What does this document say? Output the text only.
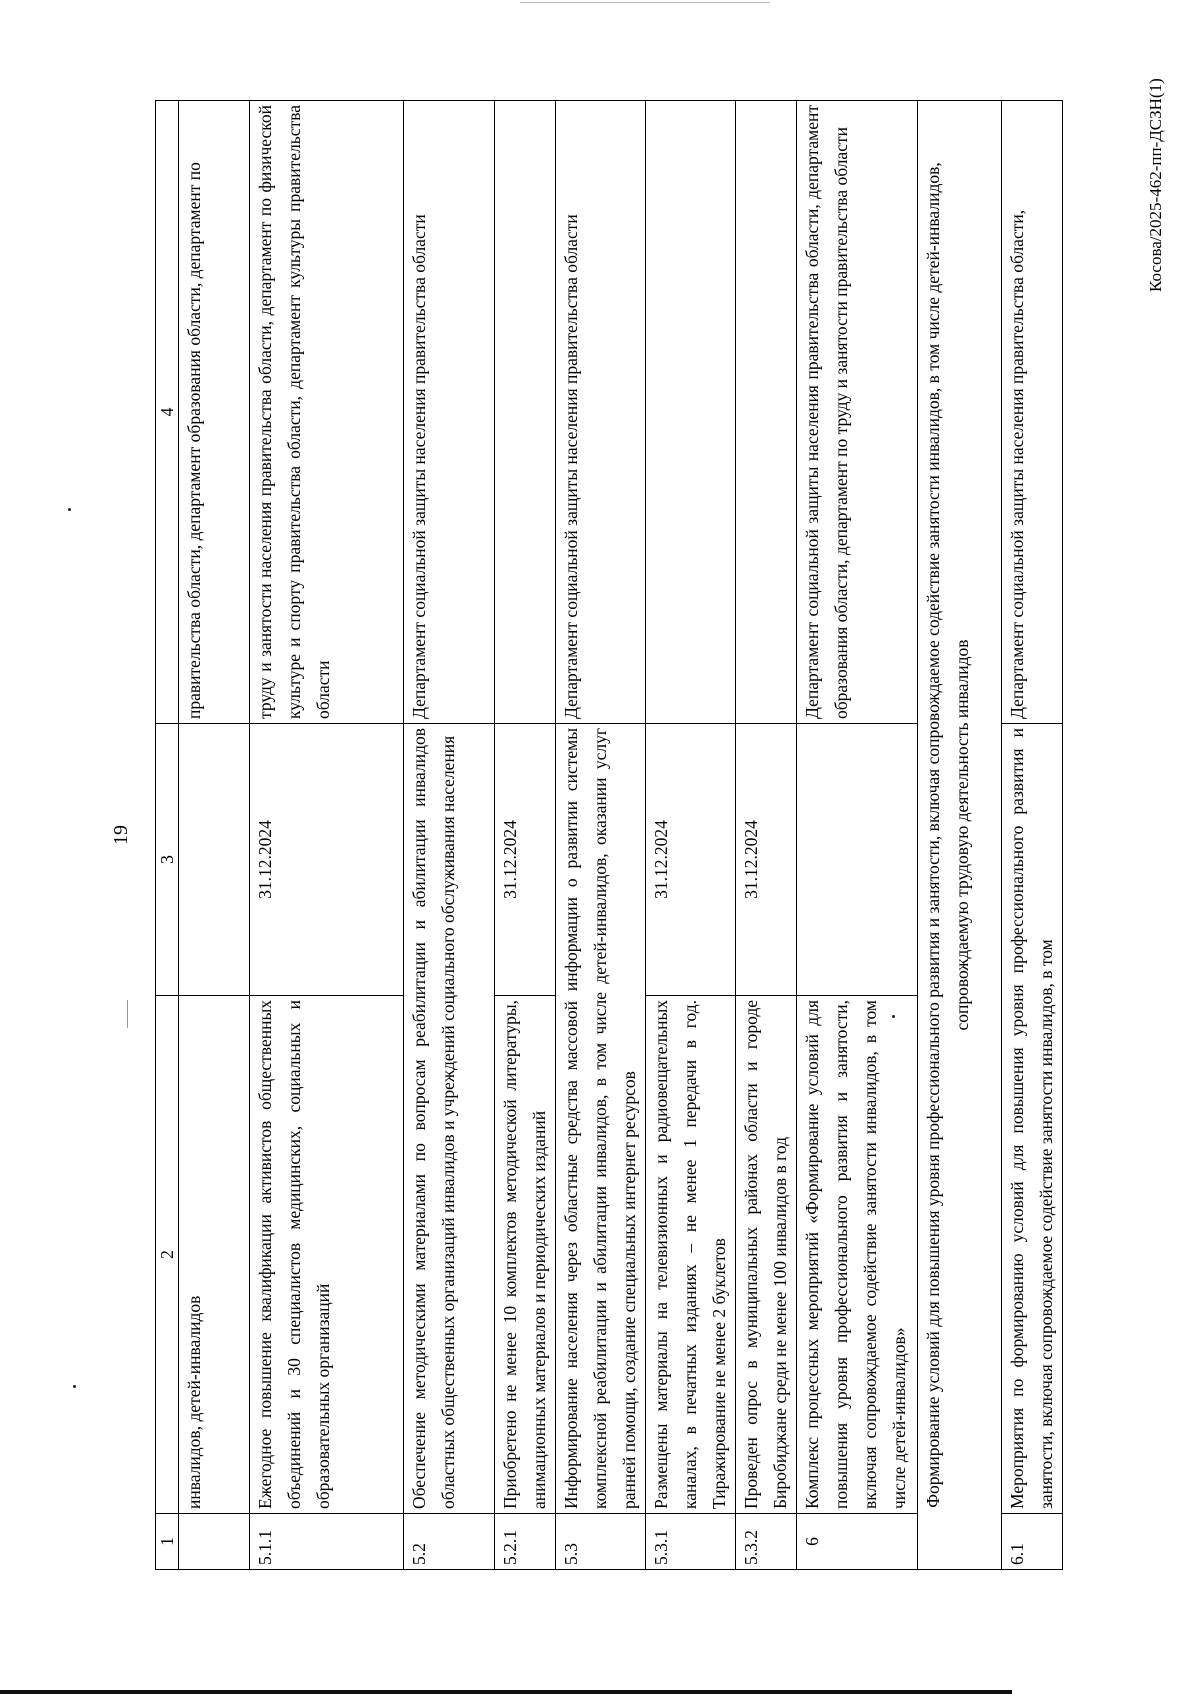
19
1	2	3	4
	инвалидов, детей-инвалидов		правительства области, департамент образования области, департамент по
5.1.1	Ежегодное повышение квалификации активистов общественных объединений и 30 специалистов медицинских, социальных и образовательных организаций	31.12.2024	труду и занятости населения правительства области, департамент по физической культуре и спорту правительства области, департамент культуры правительства области
5.2	Обеспечение методическими материалами по вопросам реабилитации и абилитации инвалидов областных общественных организаций инвалидов и учреждений социального обслуживания населения		Департамент социальной защиты населения правительства области
5.2.1	Приобретено не менее 10 комплектов методической литературы, анимационных материалов и периодических изданий	31.12.2024	
5.3	Информирование населения через областные средства массовой информации о развитии системы комплексной реабилитации и абилитации инвалидов, в том числе детей-инвалидов, оказании услуг ранней помощи, создание специальных интернет ресурсов		Департамент социальной защиты населения правительства области
5.3.1	Размещены материалы на телевизионных и радиовещательных каналах, в печатных изданиях – не менее 1 передачи в год. Тиражирование не менее 2 буклетов	31.12.2024	
5.3.2	Проведен опрос в муниципальных районах области и городе Биробиджане среди не менее 100 инвалидов в год	31.12.2024	
6	Комплекс процессных мероприятий «Формирование условий для повышения уровня профессионального развития и занятости, включая сопровождаемое содействие занятости инвалидов, в том числе детей-инвалидов»		Департамент социальной защиты населения правительства области, департамент образования области, департамент по труду и занятости правительства области
Формирование условий для повышения уровня профессионального развития и занятости, включая сопровождаемое содействие занятости инвалидов, в том числе детей-инвалидов, сопровождаемую трудовую деятельность инвалидов			
6.1	Мероприятия по формированию условий для повышения уровня профессионального развития и занятости, включая сопровождаемое содействие занятости инвалидов, в том		Департамент социальной защиты населения правительства области,
Косова/2025-462-пп-ДСЗН(1)
